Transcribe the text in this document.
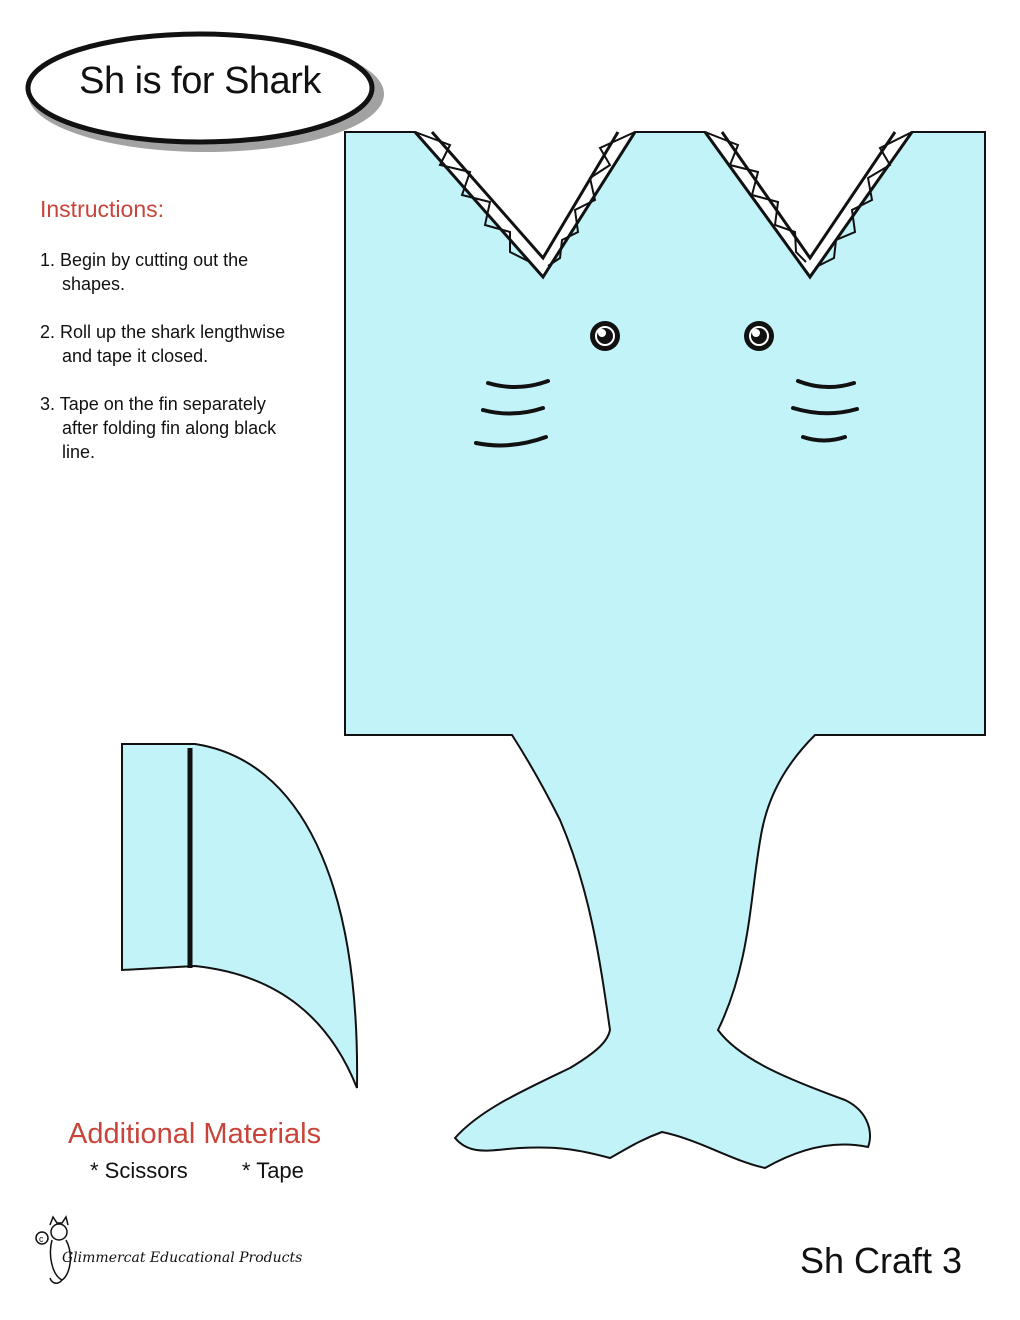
c
Sh is for Shark
Instructions:
1. Begin by cutting out the
shapes.
2. Roll up the shark lengthwise
and tape it closed.
3. Tape on the fin separately
after folding fin along black
line.
Additional Materials
* Scissors * Tape
Glimmercat Educational Products	Sh Craft 3
